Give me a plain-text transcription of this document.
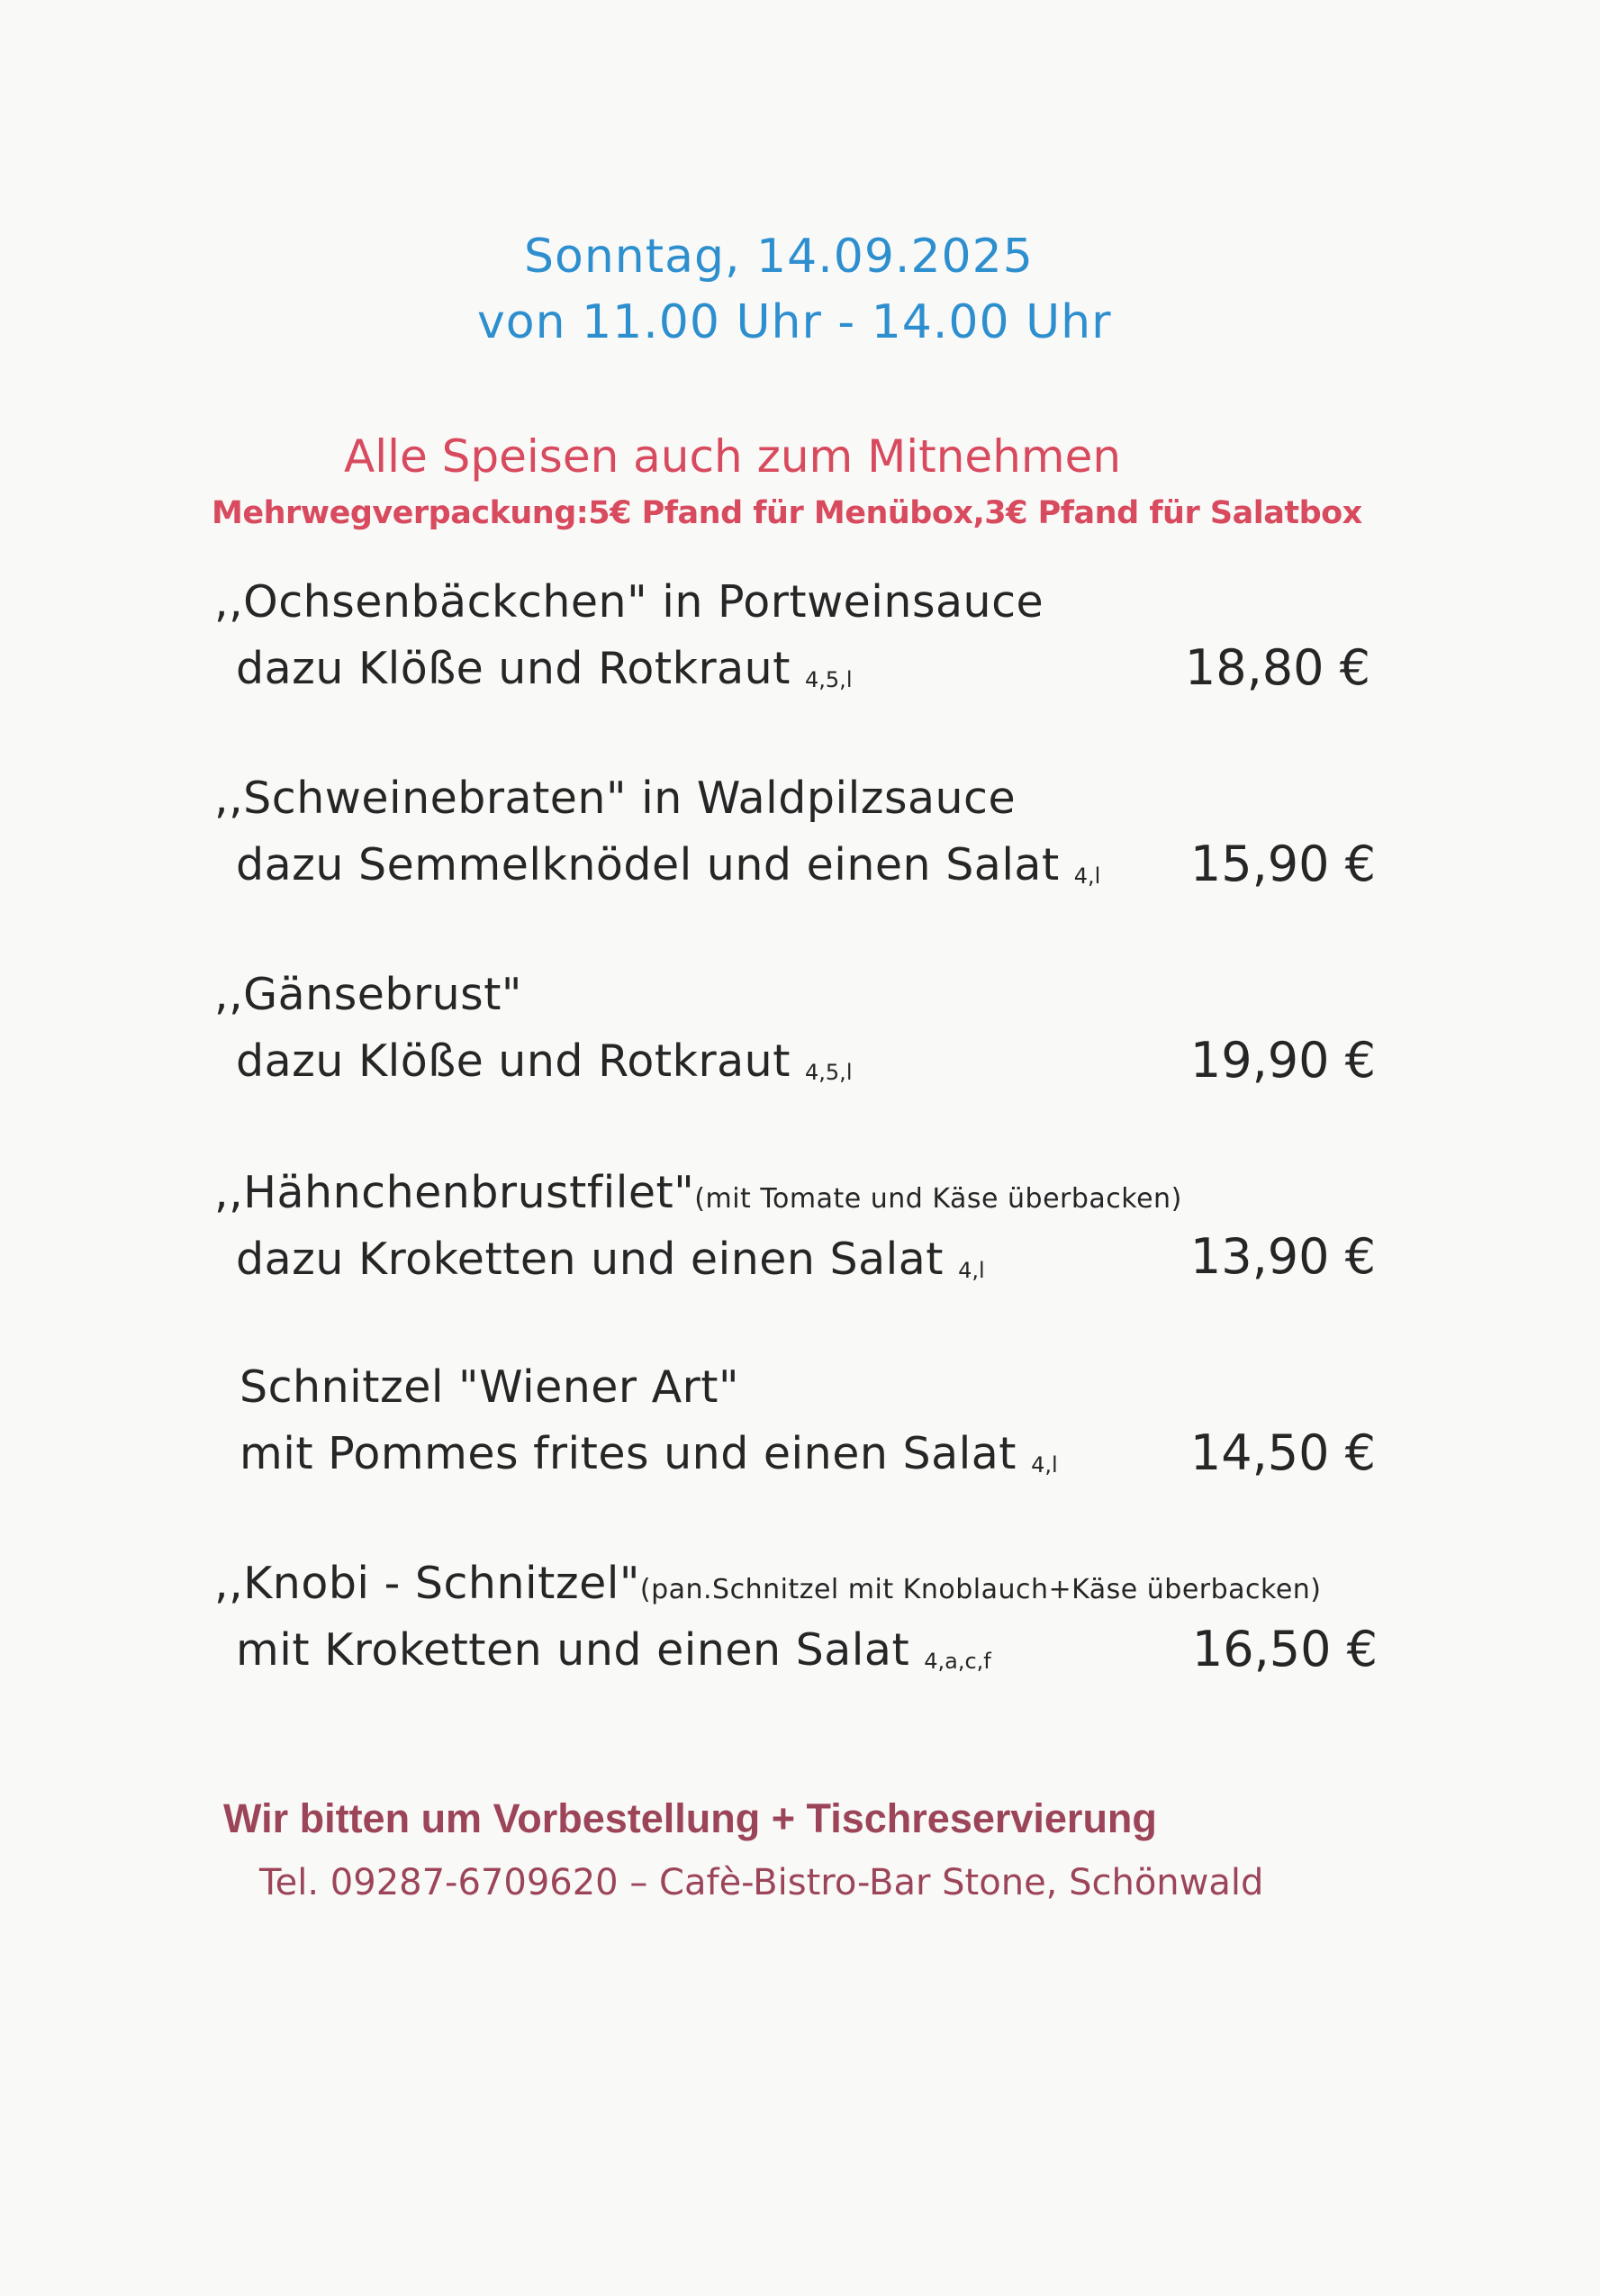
Sonntag, 14.09.2025
von 11.00 Uhr - 14.00 Uhr
Alle Speisen auch zum Mitnehmen
Mehrwegverpackung:5€ Pfand für Menübox,3€ Pfand für Salatbox
,,Ochsenbäckchen" in Portweinsauce
dazu Klöße und Rotkraut 4,5,l	18,80 €
,,Schweinebraten" in Waldpilzsauce
dazu Semmelknödel und einen Salat 4,l	15,90 €
,,Gänsebrust"
dazu Klöße und Rotkraut 4,5,l	19,90 €
,,Hähnchenbrustfilet"(mit Tomate und Käse überbacken)
dazu Kroketten und einen Salat 4,l	13,90 €
Schnitzel "Wiener Art"
mit Pommes frites und einen Salat 4,l	14,50 €
,,Knobi - Schnitzel"(pan.Schnitzel mit Knoblauch+Käse überbacken)
mit Kroketten und einen Salat 4,a,c,f	16,50 €
Wir bitten um Vorbestellung + Tischreservierung
Tel. 09287-6709620 – Cafè-Bistro-Bar Stone, Schönwald
